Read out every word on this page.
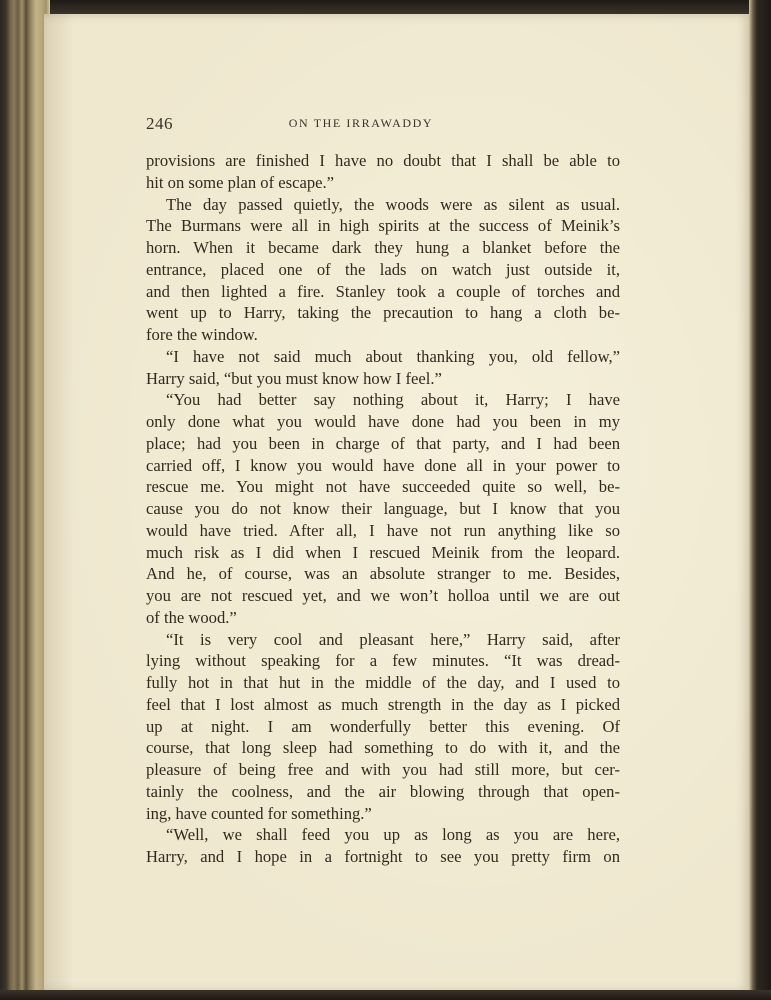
246	ON THE IRRAWADDY
provisions are finished I have no doubt that I shall be able to
hit on some plan of escape.”
The day passed quietly, the woods were as silent as usual.
The Burmans were all in high spirits at the success of Meinik’s
horn. When it became dark they hung a blanket before the
entrance, placed one of the lads on watch just outside it,
and then lighted a fire. Stanley took a couple of torches and
went up to Harry, taking the precaution to hang a cloth be-
fore the window.
“I have not said much about thanking you, old fellow,”
Harry said, “but you must know how I feel.”
“You had better say nothing about it, Harry; I have
only done what you would have done had you been in my
place; had you been in charge of that party, and I had been
carried off, I know you would have done all in your power to
rescue me. You might not have succeeded quite so well, be-
cause you do not know their language, but I know that you
would have tried. After all, I have not run anything like so
much risk as I did when I rescued Meinik from the leopard.
And he, of course, was an absolute stranger to me. Besides,
you are not rescued yet, and we won’t holloa until we are out
of the wood.”
“It is very cool and pleasant here,” Harry said, after
lying without speaking for a few minutes. “It was dread-
fully hot in that hut in the middle of the day, and I used to
feel that I lost almost as much strength in the day as I picked
up at night. I am wonderfully better this evening. Of
course, that long sleep had something to do with it, and the
pleasure of being free and with you had still more, but cer-
tainly the coolness, and the air blowing through that open-
ing, have counted for something.”
“Well, we shall feed you up as long as you are here,
Harry, and I hope in a fortnight to see you pretty firm on
